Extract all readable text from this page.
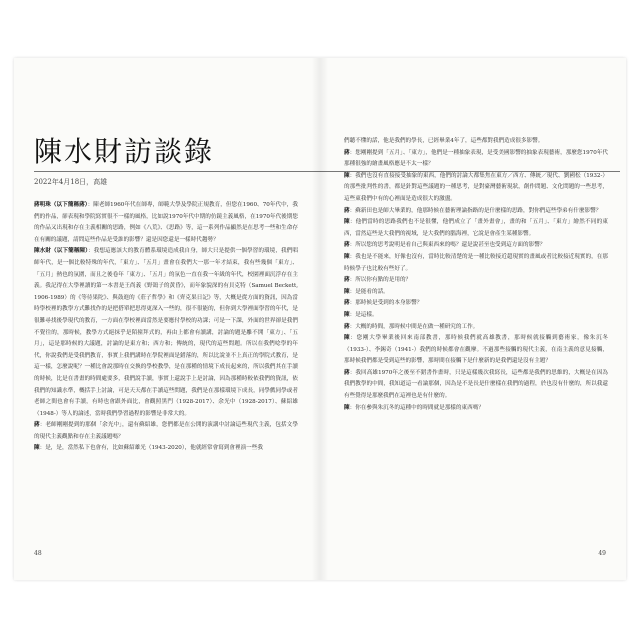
陳水財訪談錄
2022年4月18日，高雄

蔣明珠（以下簡稱蔣）：陳老師1960年代在師專，師範大學及學院正規教育，但您在1960、70年代中，我們的作品，卻表現和學院寫實很不一樣的風格，比如說1970年代中期的仿鏡主義風格，在1970年代後期您的作品又出現和存在主義相關的思路，例如《八荒》、《思路》等，這一系列作品顯然是在思考一些和生命存在有關的議題，請問這些作品是受誰的影響？還是因您還是一樣時代趨勢？

陳水財（以下簡稱陳）：我想這應該大的教育體系環境造成我自身，師大只是提供一個學習的環境，我們唱師年代，是一個比較特殊的年代，「東方」、「五月」畫會在我們大一那一年才結束，我有些幾個「東方」、「五月」熱也的氛圍，而且之後卷年「東方」、「五月」的氛色一直在我一年級的年代，校園裡面沉浮存在主義。我記得在大學裡讀的第一本書是王尚義《野鴿子的黃昏》，而年象貌深的有貝克特（Samuel Beckett, 1906-1989）的《等待果陀》、與鼓進的《莊子哲學》和《齊克果日記》等，大概是從方面的資訊，因為當時學校裡的教學方式難找作的是把搭單把思得更深入一些的，很不很能的，但你到大學裡面學習的年代，是很難尋找後學現代的教育，一方面在學校裡面當然是要應付學校的功課；可是一下課，外面的世界卻是我們不覺往的，那時候，教學方式絕抹乎是陌撞拜式的，再由上都會有讀講，討論的題是離不開「東方」、「五月」，這是那時候的大議題，討論的是東方和；西方和；傳統的，現代的這些問題。所以在我們唸學的年代，你說我們是受我們教育，事實上我們講時在學院裡面是錯落的，所以比說並不上真正的學院式教育，是這一樣，怎麼說呢？一種比會說那時在交換的學校教學，是在那種的情境下成長起來的，所以我們其在手讀的時候，比是在書畫的時間處要多，我們說手讀，事實上還說手上是討論，因為那種時較依我們的資訊，依我們的知識水準，概括手上討論，可是天天都在手讀這些問題，我們是在那樣環境下成長，同學戲同學或者老師之間也會有手讀，有時也會跟外面比，會觀照黑門（1928-2017）、余光中（1928-2017）、蘇紹雄（1948-）等人的論述，當時我們學習過程的影響是非常大的。

蔣：老師剛剛提到的那個「余光中」，還有蘇紹雄，您們都是在公開的演講中討論這些現代主義，包括文學的現代主義觀點和存在主義議題嗎？

陳：是，是，當然私下也會有，比如蘇紹雄光（1943-2020），他就經常會寫到會裡演一些我

48

們聽不懂的話，他是我們的學長，已經畢業4年了，這些都對我們造成很多影響。

蔣：您剛剛提到「五月」、「東方」，他們是一種抽象表現，是受美國影響的抽象表現藝術，那麼您1970年代那種很強的繪畫風格應是不太一樣？

陳：我們也沒有直接接受抽象的東西，他們的討論大都集焦在東方／西方、傳統／現代、劉國松（1932-）的那些批判性的書，都是針對這些議題的一種思考，是對臺灣藝術現狀，創作問題、文化問題的一些思考，這些東我們中有的心裡面是造成很大的激盪。

蔣：蘇新田也是師大畢業的，他那時候在藝術理論指路的是什麼樣的思路，對你們這些學弟有什麼影響？

陳：他們當時的思路我們也不是很懂，他們成立了「畫外畫會」，畫的和「五月」、「東方」繪然不同的東西，當然這些是大我們的視域，是大我們的腦海裡，它說是會產生某種影響。

蔣：所以您的思考說明是看自己與東西來的嗎？還是說甚至也受到這方面的影響？

陳：我也是不能來，好像也沒有，當時比較清楚的是一種比較接近超現實的畫風或者比較接近現實的，在那時候學子也比較有些好了。

蔣：所以你有點的是用的？

陳：是能看的話。

蔣：那時候是受到的本身影響？

陳：是這樣。

蔣：大概的時間，那時候中間是在做一種研究的工作。

陳：您剛大學畢業後回來南部教書，那時候我們就高雄教書，那時候就接觸到藝術家，像朱沉冬（1933-）、李錫奇（1941-）我們的時候都會在觀摩。不過那些接觸的現代主義，在南主義的意見接觸，那時候我們都是受到這些的影響，那時間在接觸下是什麼新的是我們還是沒有主題？

蔣：我回高雄1970年之後至不錯書作畫時，只是這樣幾次我寫長，這些都是我們的思維的，大概是在因為我們教學的中間，我知道這一看論那個，因為是不是長是什麼樣在我們的過程，於也沒有什麼的，所以我還有些覺得是那麼我們在這裡也是有什麼的。

陳：你在參與朱沉冬的這種中的時間就是那樣的東西嗎？

49
